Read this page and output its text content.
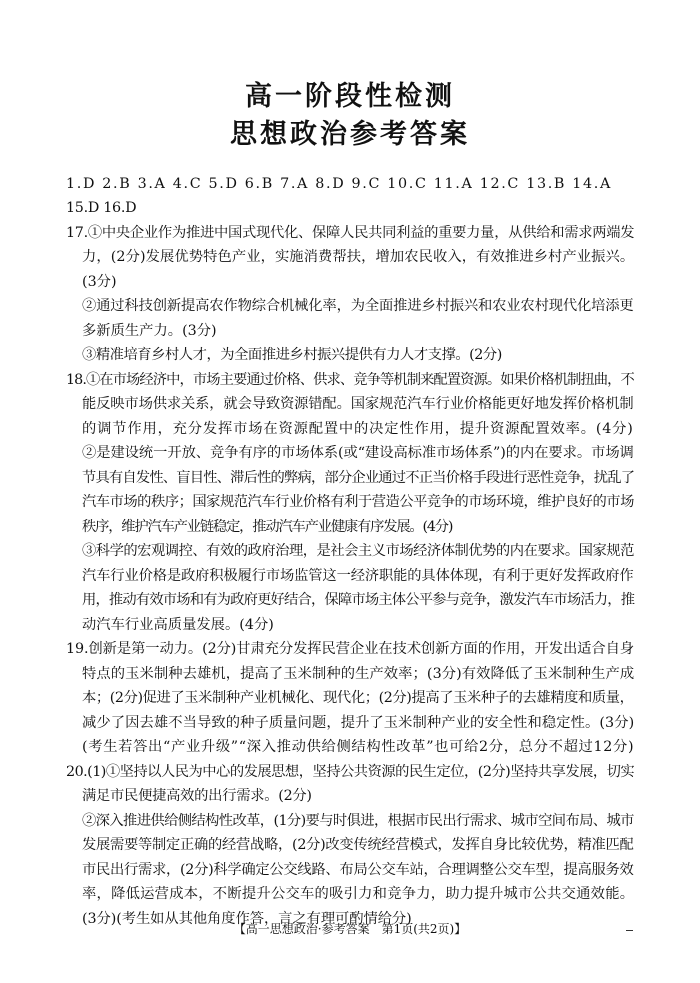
高一阶段性检测
思想政治参考答案
1.D 2.B 3.A 4.C 5.D 6.B 7.A 8.D 9.C 10.C 11.A 12.C 13.B 14.A
15.D 16.D
17.①中央企业作为推进中国式现代化、保障人民共同利益的重要力量，从供给和需求两端发
力，(2分)发展优势特色产业，实施消费帮扶，增加农民收入，有效推进乡村产业振兴。
(3分)
②通过科技创新提高农作物综合机械化率，为全面推进乡村振兴和农业农村现代化培添更
多新质生产力。(3分)
③精准培育乡村人才，为全面推进乡村振兴提供有力人才支撑。(2分)
18.①在市场经济中，市场主要通过价格、供求、竞争等机制来配置资源。如果价格机制扭曲，不
能反映市场供求关系，就会导致资源错配。国家规范汽车行业价格能更好地发挥价格机制
的调节作用，充分发挥市场在资源配置中的决定性作用，提升资源配置效率。(4分)
②是建设统一开放、竞争有序的市场体系(或“建设高标准市场体系”)的内在要求。市场调
节具有自发性、盲目性、滞后性的弊病，部分企业通过不正当价格手段进行恶性竞争，扰乱了
汽车市场的秩序；国家规范汽车行业价格有利于营造公平竞争的市场环境，维护良好的市场
秩序，维护汽车产业链稳定，推动汽车产业健康有序发展。(4分)
③科学的宏观调控、有效的政府治理，是社会主义市场经济体制优势的内在要求。国家规范
汽车行业价格是政府积极履行市场监管这一经济职能的具体体现，有利于更好发挥政府作
用，推动有效市场和有为政府更好结合，保障市场主体公平参与竞争，激发汽车市场活力，推
动汽车行业高质量发展。(4分)
19.创新是第一动力。(2分)甘肃充分发挥民营企业在技术创新方面的作用，开发出适合自身
特点的玉米制种去雄机，提高了玉米制种的生产效率；(3分)有效降低了玉米制种生产成
本；(2分)促进了玉米制种产业机械化、现代化；(2分)提高了玉米种子的去雄精度和质量，
减少了因去雄不当导致的种子质量问题，提升了玉米制种产业的安全性和稳定性。(3分)
(考生若答出“产业升级”“深入推动供给侧结构性改革”也可给2分，总分不超过12分)
20.(1)①坚持以人民为中心的发展思想，坚持公共资源的民生定位，(2分)坚持共享发展，切实
满足市民便捷高效的出行需求。(2分)
②深入推进供给侧结构性改革，(1分)要与时俱进，根据市民出行需求、城市空间布局、城市
发展需要等制定正确的经营战略，(2分)改变传统经营模式，发挥自身比较优势，精准匹配
市民出行需求，(2分)科学确定公交线路、布局公交车站，合理调整公交车型，提高服务效
率，降低运营成本，不断提升公交车的吸引力和竞争力，助力提升城市公共交通效能。
(3分)(考生如从其他角度作答，言之有理可酌情给分)
【高一思想政治·参考答案　第1页(共2页)】
